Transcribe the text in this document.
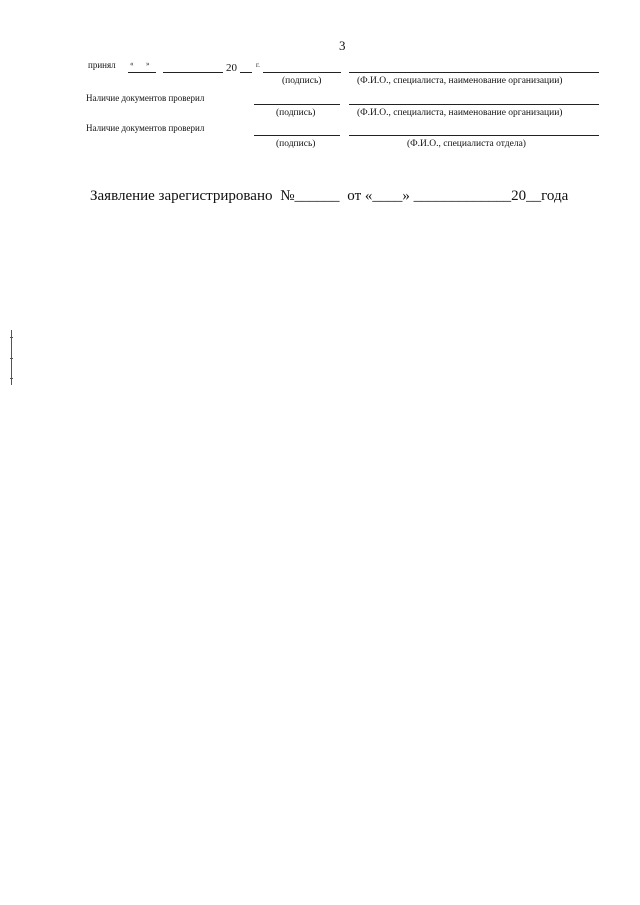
3
принял « »	20	г.
(подпись)	(Ф.И.О., специалиста, наименование организации)
Наличие документов проверил
(подпись)	(Ф.И.О., специалиста, наименование организации)
Наличие документов проверил
(подпись)	(Ф.И.О., специалиста отдела)
Заявление зарегистрировано №______ от «____» _____________20__года
